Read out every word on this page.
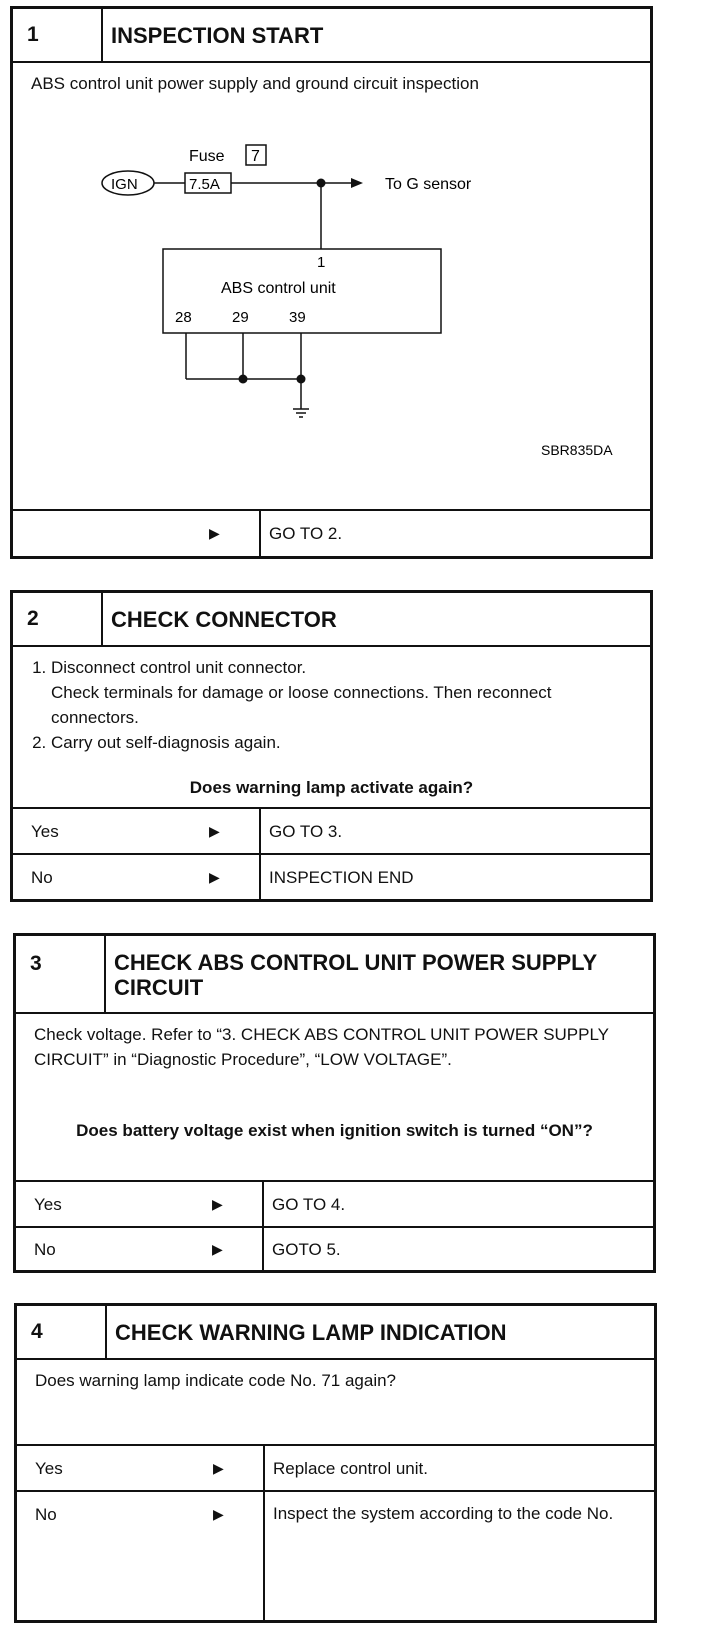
1	INSPECTION START
ABS control unit power supply and ground circuit inspection
Fuse 7
IGN	7.5A	To G sensor
1
ABS control unit
28	29	39
SBR835DA
▶	GO TO 2.
2	CHECK CONNECTOR
1. Disconnect control unit connector.
Check terminals for damage or loose connections. Then reconnect connectors.
2. Carry out self-diagnosis again.
Does warning lamp activate again?
Yes	▶	GO TO 3.
No	▶	INSPECTION END
3	CHECK ABS CONTROL UNIT POWER SUPPLY CIRCUIT
Check voltage. Refer to “3. CHECK ABS CONTROL UNIT POWER SUPPLY CIRCUIT” in “Diagnostic Procedure”, “LOW VOLTAGE”.
Does battery voltage exist when ignition switch is turned “ON”?
Yes	▶	GO TO 4.
No	▶	GOTO 5.
4	CHECK WARNING LAMP INDICATION
Does warning lamp indicate code No. 71 again?
Yes	▶	Replace control unit.
No	▶	Inspect the system according to the code No.
